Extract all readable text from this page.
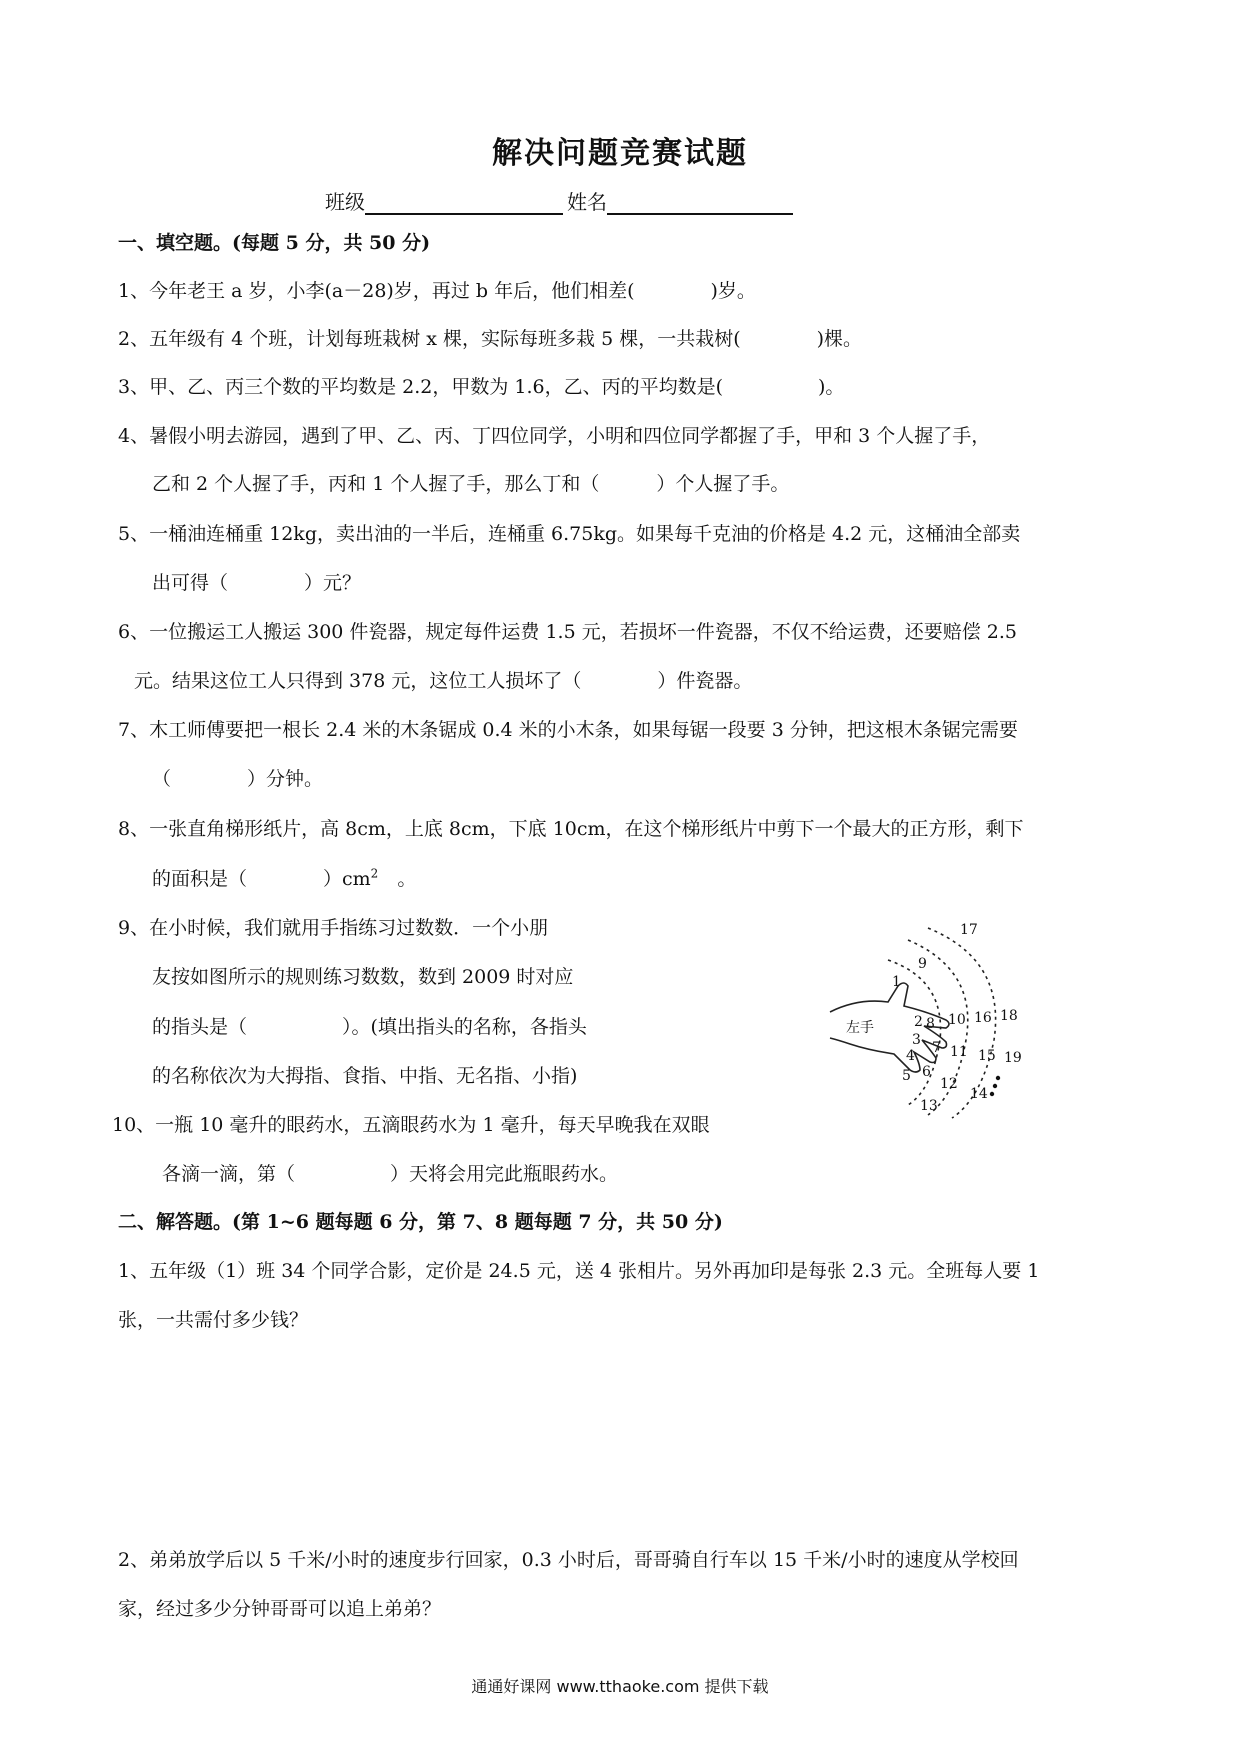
解决问题竞赛试题
班级	姓名
一、填空题。(每题 5 分，共 50 分)
1、今年老王 a 岁，小李(a－28)岁，再过 b 年后，他们相差(　　　　)岁。
2、五年级有 4 个班，计划每班栽树 x 棵，实际每班多栽 5 棵，一共栽树(　　　　)棵。
3、甲、乙、丙三个数的平均数是 2.2，甲数为 1.6，乙、丙的平均数是(　　　　　)。
4、暑假小明去游园，遇到了甲、乙、丙、丁四位同学，小明和四位同学都握了手，甲和 3 个人握了手，
乙和 2 个人握了手，丙和 1 个人握了手，那么丁和（　　　）个人握了手。
5、一桶油连桶重 12kg，卖出油的一半后，连桶重 6.75kg。如果每千克油的价格是 4.2 元，这桶油全部卖
出可得（　　　　）元？
6、一位搬运工人搬运 300 件瓷器，规定每件运费 1.5 元，若损坏一件瓷器，不仅不给运费，还要赔偿 2.5
元。结果这位工人只得到 378 元，这位工人损坏了（　　　　）件瓷器。
7、木工师傅要把一根长 2.4 米的木条锯成 0.4 米的小木条，如果每锯一段要 3 分钟，把这根木条锯完需要
（　　　　）分钟。
8、一张直角梯形纸片，高 8cm，上底 8cm，下底 10cm，在这个梯形纸片中剪下一个最大的正方形，剩下
的面积是（　　　　）$cm^2$　。
9、在小时候，我们就用手指练习过数数．一个小朋
友按如图所示的规则练习数数，数到 2009 时对应
的指头是（　　　　　）。(填出指头的名称，各指头
的名称依次为大拇指、食指、中指、无名指、小指)
10、一瓶 10 毫升的眼药水，五滴眼药水为 1 毫升，每天早晚我在双眼
各滴一滴，第（　　　　　）天将会用完此瓶眼药水。
左手
1
2
3
4
5 6
7
8
9
10
11
12
13
14
15
16
17
18
19
二、解答题。(第 1~6 题每题 6 分，第 7、8 题每题 7 分，共 50 分)
1、五年级（1）班 34 个同学合影，定价是 24.5 元，送 4 张相片。另外再加印是每张 2.3 元。全班每人要 1
张，一共需付多少钱？
2、弟弟放学后以 5 千米/小时的速度步行回家，0.3 小时后，哥哥骑自行车以 15 千米/小时的速度从学校回
家，经过多少分钟哥哥可以追上弟弟？
通通好课网 www.tthaoke.com 提供下载
